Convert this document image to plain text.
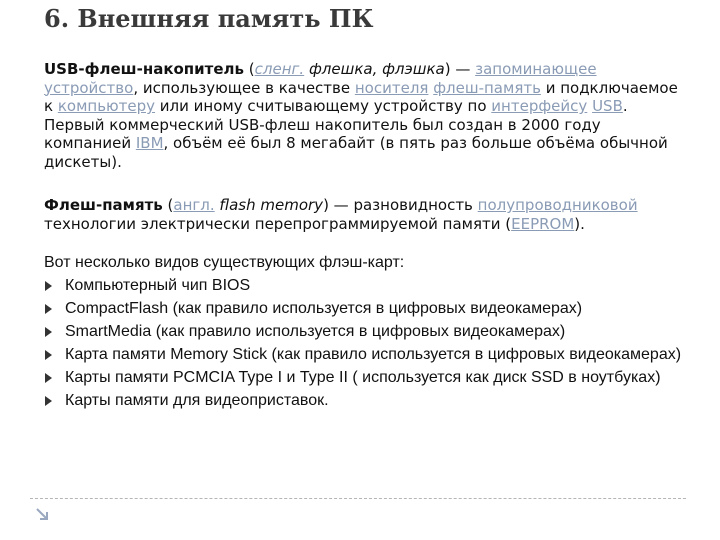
6. Внешняя память ПК

USB-флеш-накопитель (сленг. флешка, флэшка) — запоминающее устройство, использующее в качестве носителя флеш-память и подключаемое к компьютеру или иному считывающему устройству по интерфейсу USB. Первый коммерческий USB-флеш накопитель был создан в 2000 году компанией IBM, объём её был 8 мегабайт (в пять раз больше объёма обычной дискеты).

Флеш-память (англ. flash memory) — разновидность полупроводниковой технологии электрически перепрограммируемой памяти (EEPROM).

Вот несколько видов существующих флэш-карт:

Компьютерный чип BIOS
CompactFlash (как правило используется в цифровых видеокамерах)
SmartMedia (как правило используется в цифровых видеокамерах)
Карта памяти Memory Stick (как правило используется в цифровых видеокамерах)
Карты памяти PCMCIA Type I и Type II ( используется как диск SSD в ноутбуках)
Карты памяти для видеоприставок.
